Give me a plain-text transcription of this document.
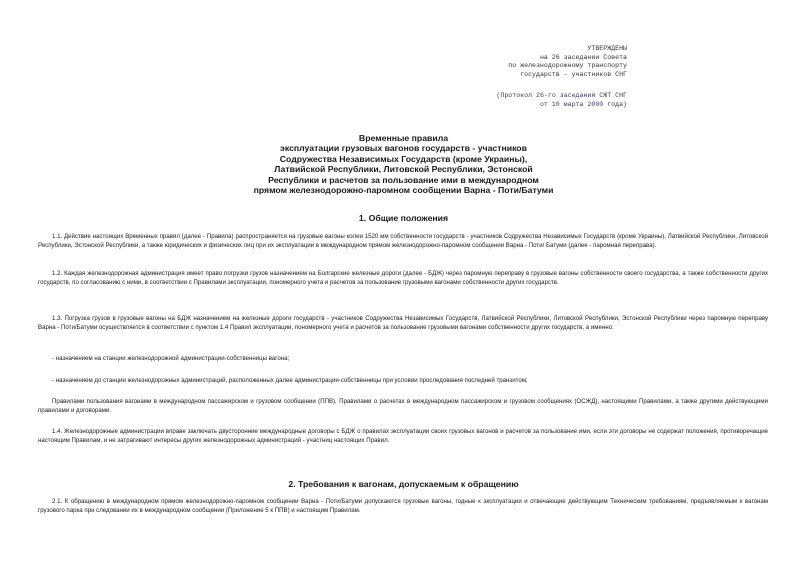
УТВЕРЖДЕНЫ
на 26 заседании Совета
по железнодорожному транспорту
государств - участников СНГ
(Протокол 26-го заседания СЖТ СНГ
от 10 марта 2000 года)
Временные правила
эксплуатации грузовых вагонов государств - участников
Содружества Независимых Государств (кроме Украины),
Латвийской Республики, Литовской Республики, Эстонской
Республики и расчетов за пользование ими в международном
прямом железнодорожно-паромном сообщении Варна - Поти/Батуми
1. Общие положения

1.1. Действие настоящих Временных правил (далее - Правила) распространяется на грузовые вагоны колеи 1520 мм собственности государств - участников Содружества Независимых Государств (кроме Украины), Латвийской Республики, Литовской Республики, Эстонской Республики, а также юридических и физических лиц при их эксплуатации в международном прямом железнодорожно-паромном сообщении Варна - Поти/ Батуми (далее - паромная переправа).

1.2. Каждая железнодорожная администрация имеет право погрузки грузов назначением на Болгарские железные дороги (далее - БДЖ) через паромную переправу в грузовые вагоны собственности своего государства, а также собственности других государств, по согласованию с ними, в соответствии с Правилами эксплуатации, пономерного учета и расчетов за пользование грузовыми вагонами собственности других государств.

1.3. Погрузка грузов в грузовые вагоны на БДЖ назначением на железные дороги государств - участников Содружества Независимых Государств, Латвийской Республики, Литовской Республики, Эстонской Республики через паромную переправу Варна - Поти/Батуми осуществляется в соответствии с пунктом 1.4 Правил эксплуатации, пономерного учета и расчетов за пользование грузовыми вагонами собственности других государств, а именно:

- назначением на станции железнодорожной администрации-собственницы вагона;

- назначением до станции железнодорожных администраций, расположенных далее администрации-собственницы при условии проследования последней транзитом;

Правилами пользования вагонами в международном пассажирском и грузовом сообщении (ППВ), Правилами о расчетах в международном пассажирском и грузовом сообщениях (ОСЖД), настоящими Правилами, а также другими действующими правилами и договорами.

1.4. Железнодорожные администрации вправе заключать двусторонние международные договоры с БДЖ о правилах эксплуатации своих грузовых вагонов и расчетов за пользование ими, если эти договоры не содержат положения, противоречащие настоящим Правилам, и не затрагивают интересы других железнодорожных администраций - участниц настоящих Правил.

2. Требования к вагонам, допускаемым к обращению

2.1. К обращению в международном прямом железнодорожно-паромном сообщении Варна - Поти/Батуми допускаются грузовые вагоны, годные к эксплуатации и отвечающие действующим Техническим требованиям, предъявляемым к вагонам грузового парка при следовании их в международном сообщении (Приложение 5 к ППВ) и настоящим Правилам.
